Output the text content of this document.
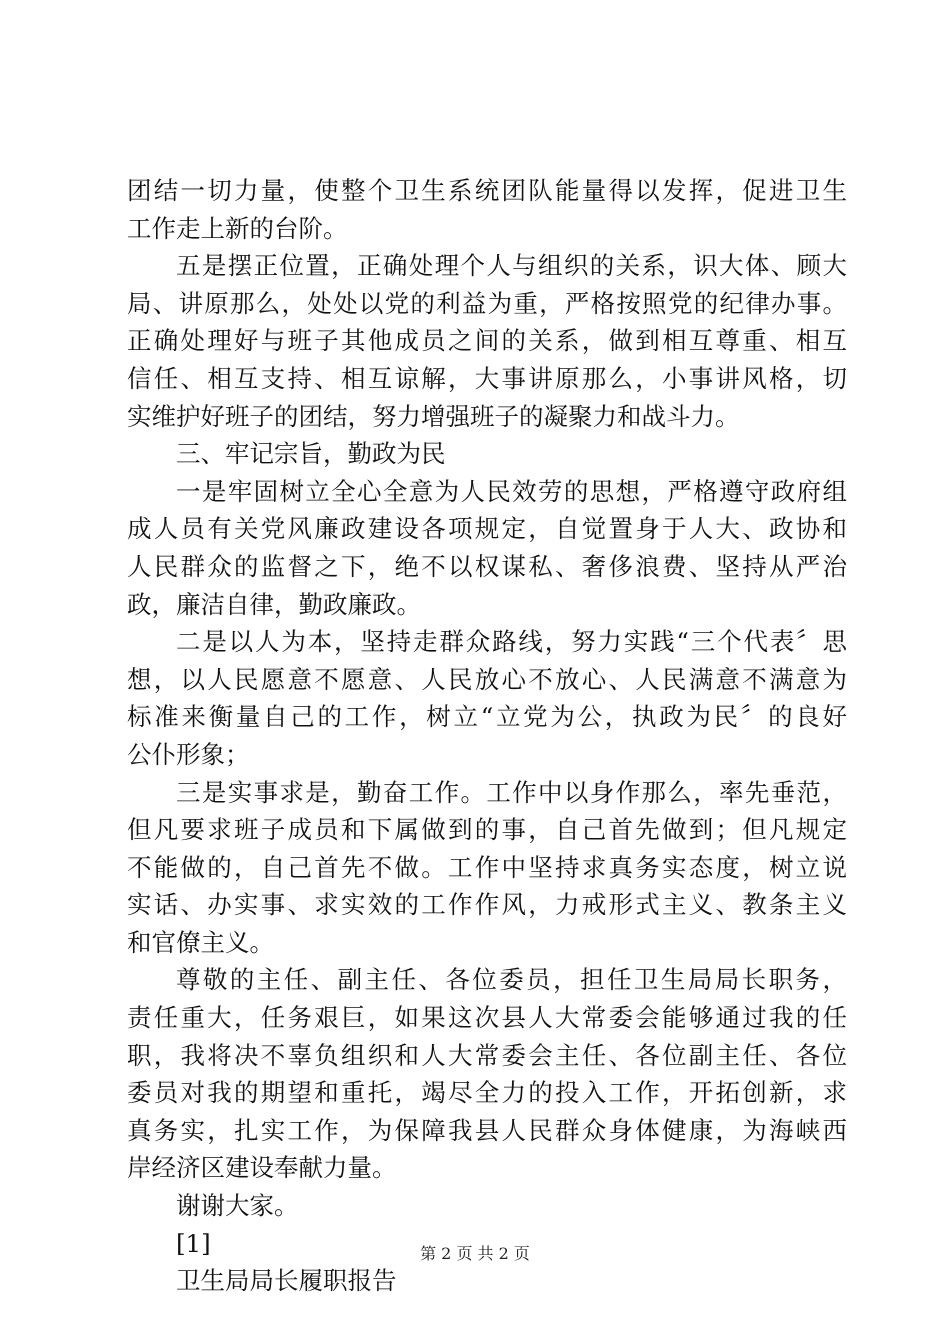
团结一切力量，使整个卫生系统团队能量得以发挥，促进卫生
工作走上新的台阶。
五是摆正位置，正确处理个人与组织的关系，识大体、顾大
局、讲原那么，处处以党的利益为重，严格按照党的纪律办事。
正确处理好与班子其他成员之间的关系，做到相互尊重、相互
信任、相互支持、相互谅解，大事讲原那么，小事讲风格，切
实维护好班子的团结，努力增强班子的凝聚力和战斗力。
三、牢记宗旨，勤政为民
一是牢固树立全心全意为人民效劳的思想，严格遵守政府组
成人员有关党风廉政建设各项规定，自觉置身于人大、政协和
人民群众的监督之下，绝不以权谋私、奢侈浪费、坚持从严治
政，廉洁自律，勤政廉政。
二是以人为本，坚持走群众路线，努力实践“三个代表〞思
想，以人民愿意不愿意、人民放心不放心、人民满意不满意为
标准来衡量自己的工作，树立“立党为公，执政为民〞的良好
公仆形象；
三是实事求是，勤奋工作。工作中以身作那么，率先垂范，
但凡要求班子成员和下属做到的事，自己首先做到；但凡规定
不能做的，自己首先不做。工作中坚持求真务实态度，树立说
实话、办实事、求实效的工作作风，力戒形式主义、教条主义
和官僚主义。
尊敬的主任、副主任、各位委员，担任卫生局局长职务，
责任重大，任务艰巨，如果这次县人大常委会能够通过我的任
职，我将决不辜负组织和人大常委会主任、各位副主任、各位
委员对我的期望和重托，竭尽全力的投入工作，开拓创新，求
真务实，扎实工作，为保障我县人民群众身体健康，为海峡西
岸经济区建设奉献力量。
谢谢大家。
[1]
卫生局局长履职报告
第 2 页 共 2 页
